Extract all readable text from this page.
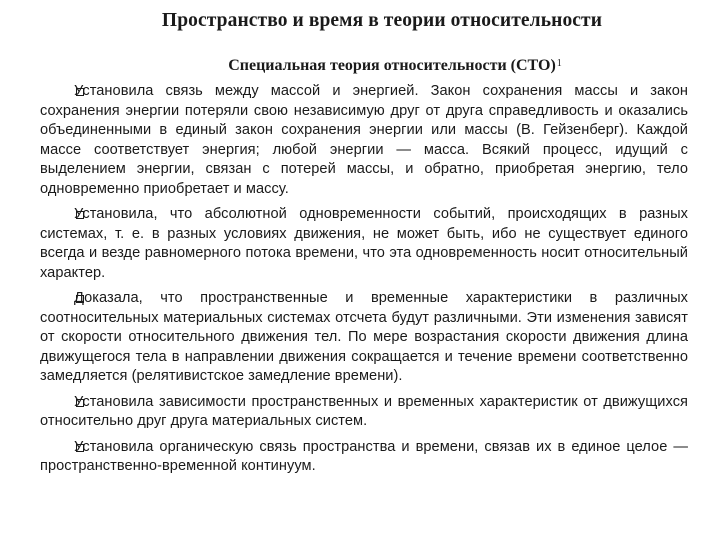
Пространство и время в теории относительности
Специальная теория относительности (СТО)$^1$
Установила связь между массой и энергией. Закон сохранения массы и закон сохранения энергии потеряли свою независимую друг от друга справедливость и оказались объединенными в единый закон сохранения энергии или массы (В. Гейзенберг). Каждой массе соответствует энергия; любой энергии — масса. Всякий процесс, идущий с выделением энергии, связан с потерей массы, и обратно, приобретая энергию, тело одновременно приобретает и массу.
Установила, что абсолютной одновременности событий, происходящих в разных системах, т. е. в разных условиях движения, не может быть, ибо не существует единого всегда и везде равномерного потока времени, что эта одновременность носит относительный характер.
Доказала, что пространственные и временные характеристики в различных соотносительных материальных системах отсчета будут различными. Эти изменения зависят от скорости относительного движения тел. По мере возрастания скорости движения длина движущегося тела в направлении движения сокращается и течение времени соответственно замедляется (релятивистское замедление времени).
Установила зависимости пространственных и временных характеристик от движущихся относительно друг друга материальных систем.
Установила органическую связь пространства и времени, связав их в единое целое — пространственно-временной континуум.
